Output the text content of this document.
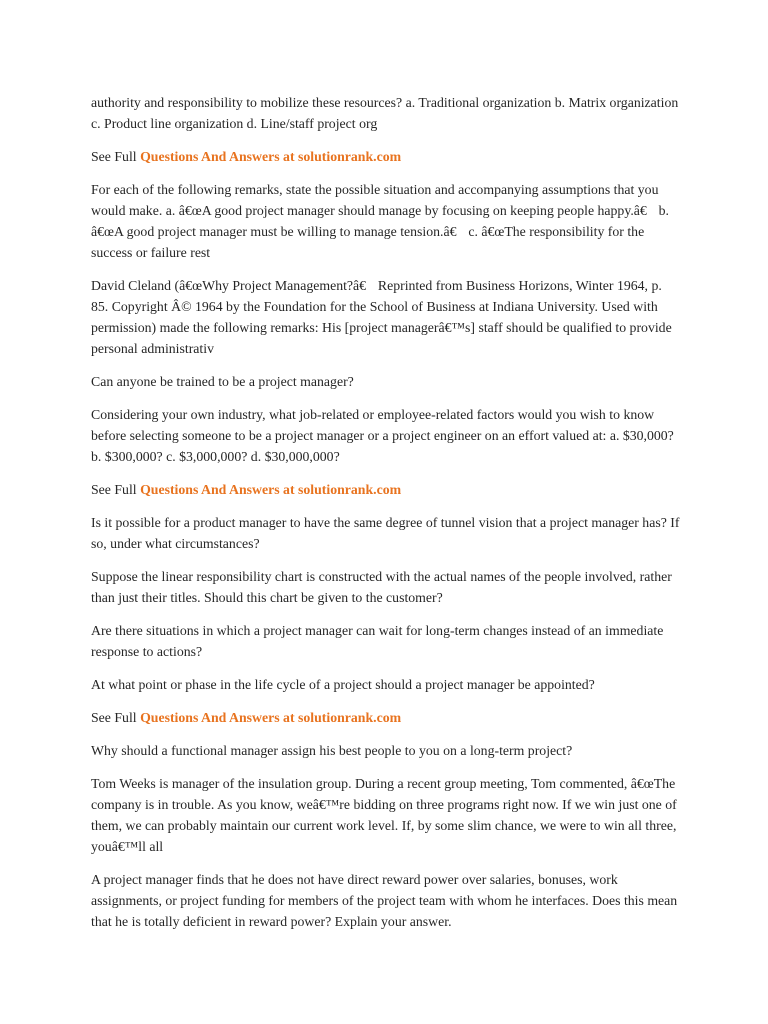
authority and responsibility to mobilize these resources? a. Traditional organization b. Matrix organization c. Product line organization d. Line/staff project org

See Full Questions And Answers at solutionrank.com

For each of the following remarks, state the possible situation and accompanying assumptions that you would make. a. â€œA good project manager should manage by focusing on keeping people happy.â€ b. â€œA good project manager must be willing to manage tension.â€ c. â€œThe responsibility for the success or failure rest

David Cleland (â€œWhy Project Management?â€ Reprinted from Business Horizons, Winter 1964, p. 85. Copyright Â© 1964 by the Foundation for the School of Business at Indiana University. Used with permission) made the following remarks: His [project managerâ€™s] staff should be qualified to provide personal administrativ

Can anyone be trained to be a project manager?

Considering your own industry, what job-related or employee-related factors would you wish to know before selecting someone to be a project manager or a project engineer on an effort valued at: a. $30,000? b. $300,000? c. $3,000,000? d. $30,000,000?

See Full Questions And Answers at solutionrank.com

Is it possible for a product manager to have the same degree of tunnel vision that a project manager has? If so, under what circumstances?

Suppose the linear responsibility chart is constructed with the actual names of the people involved, rather than just their titles. Should this chart be given to the customer?

Are there situations in which a project manager can wait for long-term changes instead of an immediate response to actions?

At what point or phase in the life cycle of a project should a project manager be appointed?

See Full Questions And Answers at solutionrank.com

Why should a functional manager assign his best people to you on a long-term project?

Tom Weeks is manager of the insulation group. During a recent group meeting, Tom commented, â€œThe company is in trouble. As you know, weâ€™re bidding on three programs right now. If we win just one of them, we can probably maintain our current work level. If, by some slim chance, we were to win all three, youâ€™ll all

A project manager finds that he does not have direct reward power over salaries, bonuses, work assignments, or project funding for members of the project team with whom he interfaces. Does this mean that he is totally deficient in reward power? Explain your answer.
